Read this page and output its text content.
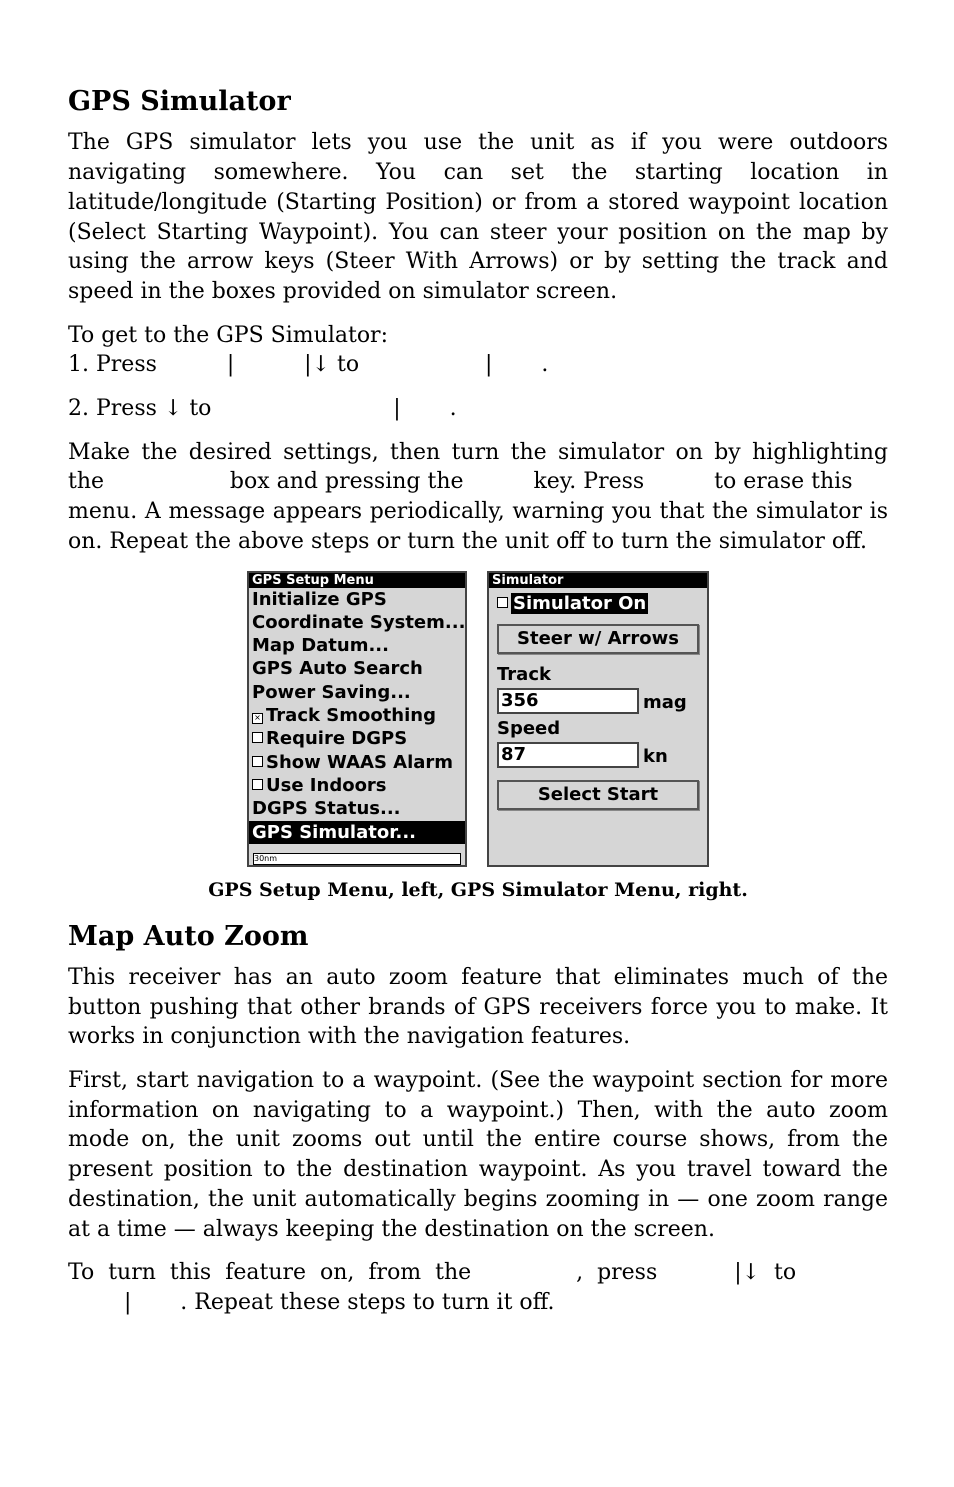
GPS Simulator

The GPS simulator lets you use the unit as if you were outdoors navigating somewhere. You can set the starting location in latitude/longitude (Starting Position) or from a stored waypoint location (Select Starting Waypoint). You can steer your position on the map by using the arrow keys (Steer With Arrows) or by setting the track and speed in the boxes provided on simulator screen.

To get to the GPS Simulator:
1. Press          |          |↓ to                  |       .
2. Press ↓ to                          |       .
Make the desired settings, then turn the simulator on by highlighting
the                  box and pressing the          key. Press          to erase this

menu. A message appears periodically, warning you that the simulator is on. Repeat the above steps or turn the unit off to turn the simulator off.

GPS Setup Menu
Initialize GPS
Coordinate System...
Map Datum...
GPS Auto Search
Power Saving...
× Track Smoothing
Require DGPS
Show WAAS Alarm
Use Indoors
DGPS Status...
GPS Simulator...
30nm
Simulator
Simulator On
Steer w/ Arrows
Track
356	mag
Speed
87	kn
Select Start
GPS Setup Menu, left, GPS Simulator Menu, right.
Map Auto Zoom

This receiver has an auto zoom feature that eliminates much of the button pushing that other brands of GPS receivers force you to make. It works in conjunction with the navigation features.

First, start navigation to a waypoint. (See the waypoint section for more information on navigating to a waypoint.) Then, with the auto zoom mode on, the unit zooms out until the entire course shows, from the present position to the destination waypoint. As you travel toward the destination, the unit automatically begins zooming in — one zoom range at a time — always keeping the destination on the screen.

To  turn  this  feature  on,  from  the               ,  press           |↓  to
|       . Repeat these steps to turn it off.
